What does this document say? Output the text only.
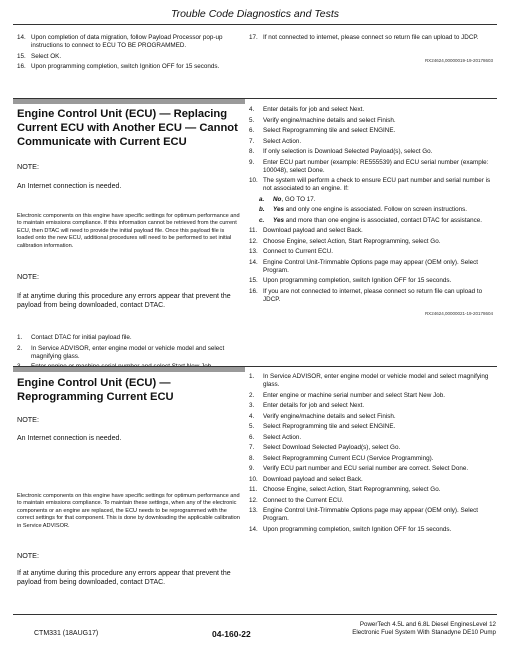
Trouble Code Diagnostics and Tests
14. Upon completion of data migration, follow Payload Processor pop-up instructions to connect to ECU TO BE PROGRAMMED.
15. Select OK.
16. Upon programming completion, switch Ignition OFF for 15 seconds.
17. If not connected to internet, please connect so return file can upload to JDCP.
RX24624,00000019-19-20178603
Engine Control Unit (ECU) — Replacing Current ECU with Another ECU — Cannot Communicate with Current ECU
NOTE:
An Internet connection is needed.
Electronic components on this engine have specific settings for optimum performance and to maintain emissions compliance. If this information cannot be retrieved from the current ECU, then DTAC will need to provide the initial payload file. Once this payload file is loaded onto the new ECU, additional procedures will need to be performed to set initial calibration information.
NOTE:
If at anytime during this procedure any errors appear that prevent the payload from being downloaded, contact DTAC.
1. Contact DTAC for initial payload file.
2. In Service ADVISOR, enter engine model or vehicle model and select magnifying glass.
4. Enter details for job and select Next.
5. Verify engine/machine details and select Finish.
6. Select Reprogramming tile and select ENGINE.
7. Select Action.
8. If only selection is Download Selected Payload(s), select Go.
9. Enter ECU part number (example: RE555539) and ECU serial number (example: 100048), select Done.
10. The system will perform a check to ensure ECU part number and serial number is not associated to an engine. If:
a. No, GO TO 17.
b. Yes and only one engine is associated. Follow on screen instructions.
c. Yes and more than one engine is associated, contact DTAC for assistance.
11. Download payload and select Back.
12. Choose Engine, select Action, Start Reprogramming, select Go.
13. Connect to Current ECU.
14. Engine Control Unit-Trimmable Options page may appear (OEM only). Select Program.
15. Upon programming completion, switch Ignition OFF for 15 seconds.
16. If you are not connected to internet, please connect so return file can upload to JDCP.
RX24624,00000021-19-20178604
Engine Control Unit (ECU) — Reprogramming Current ECU
NOTE:
An Internet connection is needed.
Electronic components on this engine have specific settings for optimum performance and to maintain emissions compliance. To maintain these settings, when any of the electronic components or an engine are replaced, the ECU needs to be reprogrammed with the correct settings for that component. This is done by downloading the applicable calibration in Service ADVISOR.
NOTE:
If at anytime during this procedure any errors appear that prevent the payload from being downloaded, contact DTAC.
1. In Service ADVISOR, enter engine model or vehicle model and select magnifying glass.
2. Enter engine or machine serial number and select Start New Job.
3. Enter details for job and select Next.
4. Verify engine/machine details and select Finish.
5. Select Reprogramming tile and select ENGINE.
6. Select Action.
7. Select Download Selected Payload(s), select Go.
8. Select Reprogramming Current ECU (Service Programming).
9. Verify ECU part number and ECU serial number are correct. Select Done.
10. Download payload and select Back.
11. Choose Engine, select Action, Start Reprogramming, select Go.
12. Connect to the Current ECU.
13. Engine Control Unit-Trimmable Options page may appear (OEM only). Select Program.
14. Upon programming completion, switch Ignition OFF for 15 seconds.
CTM331 (18AUG17)	04-160-22
PowerTech 4.5L and 6.8L Diesel EnginesLevel 12
Electronic Fuel System With Stanadyne DE10 Pump
